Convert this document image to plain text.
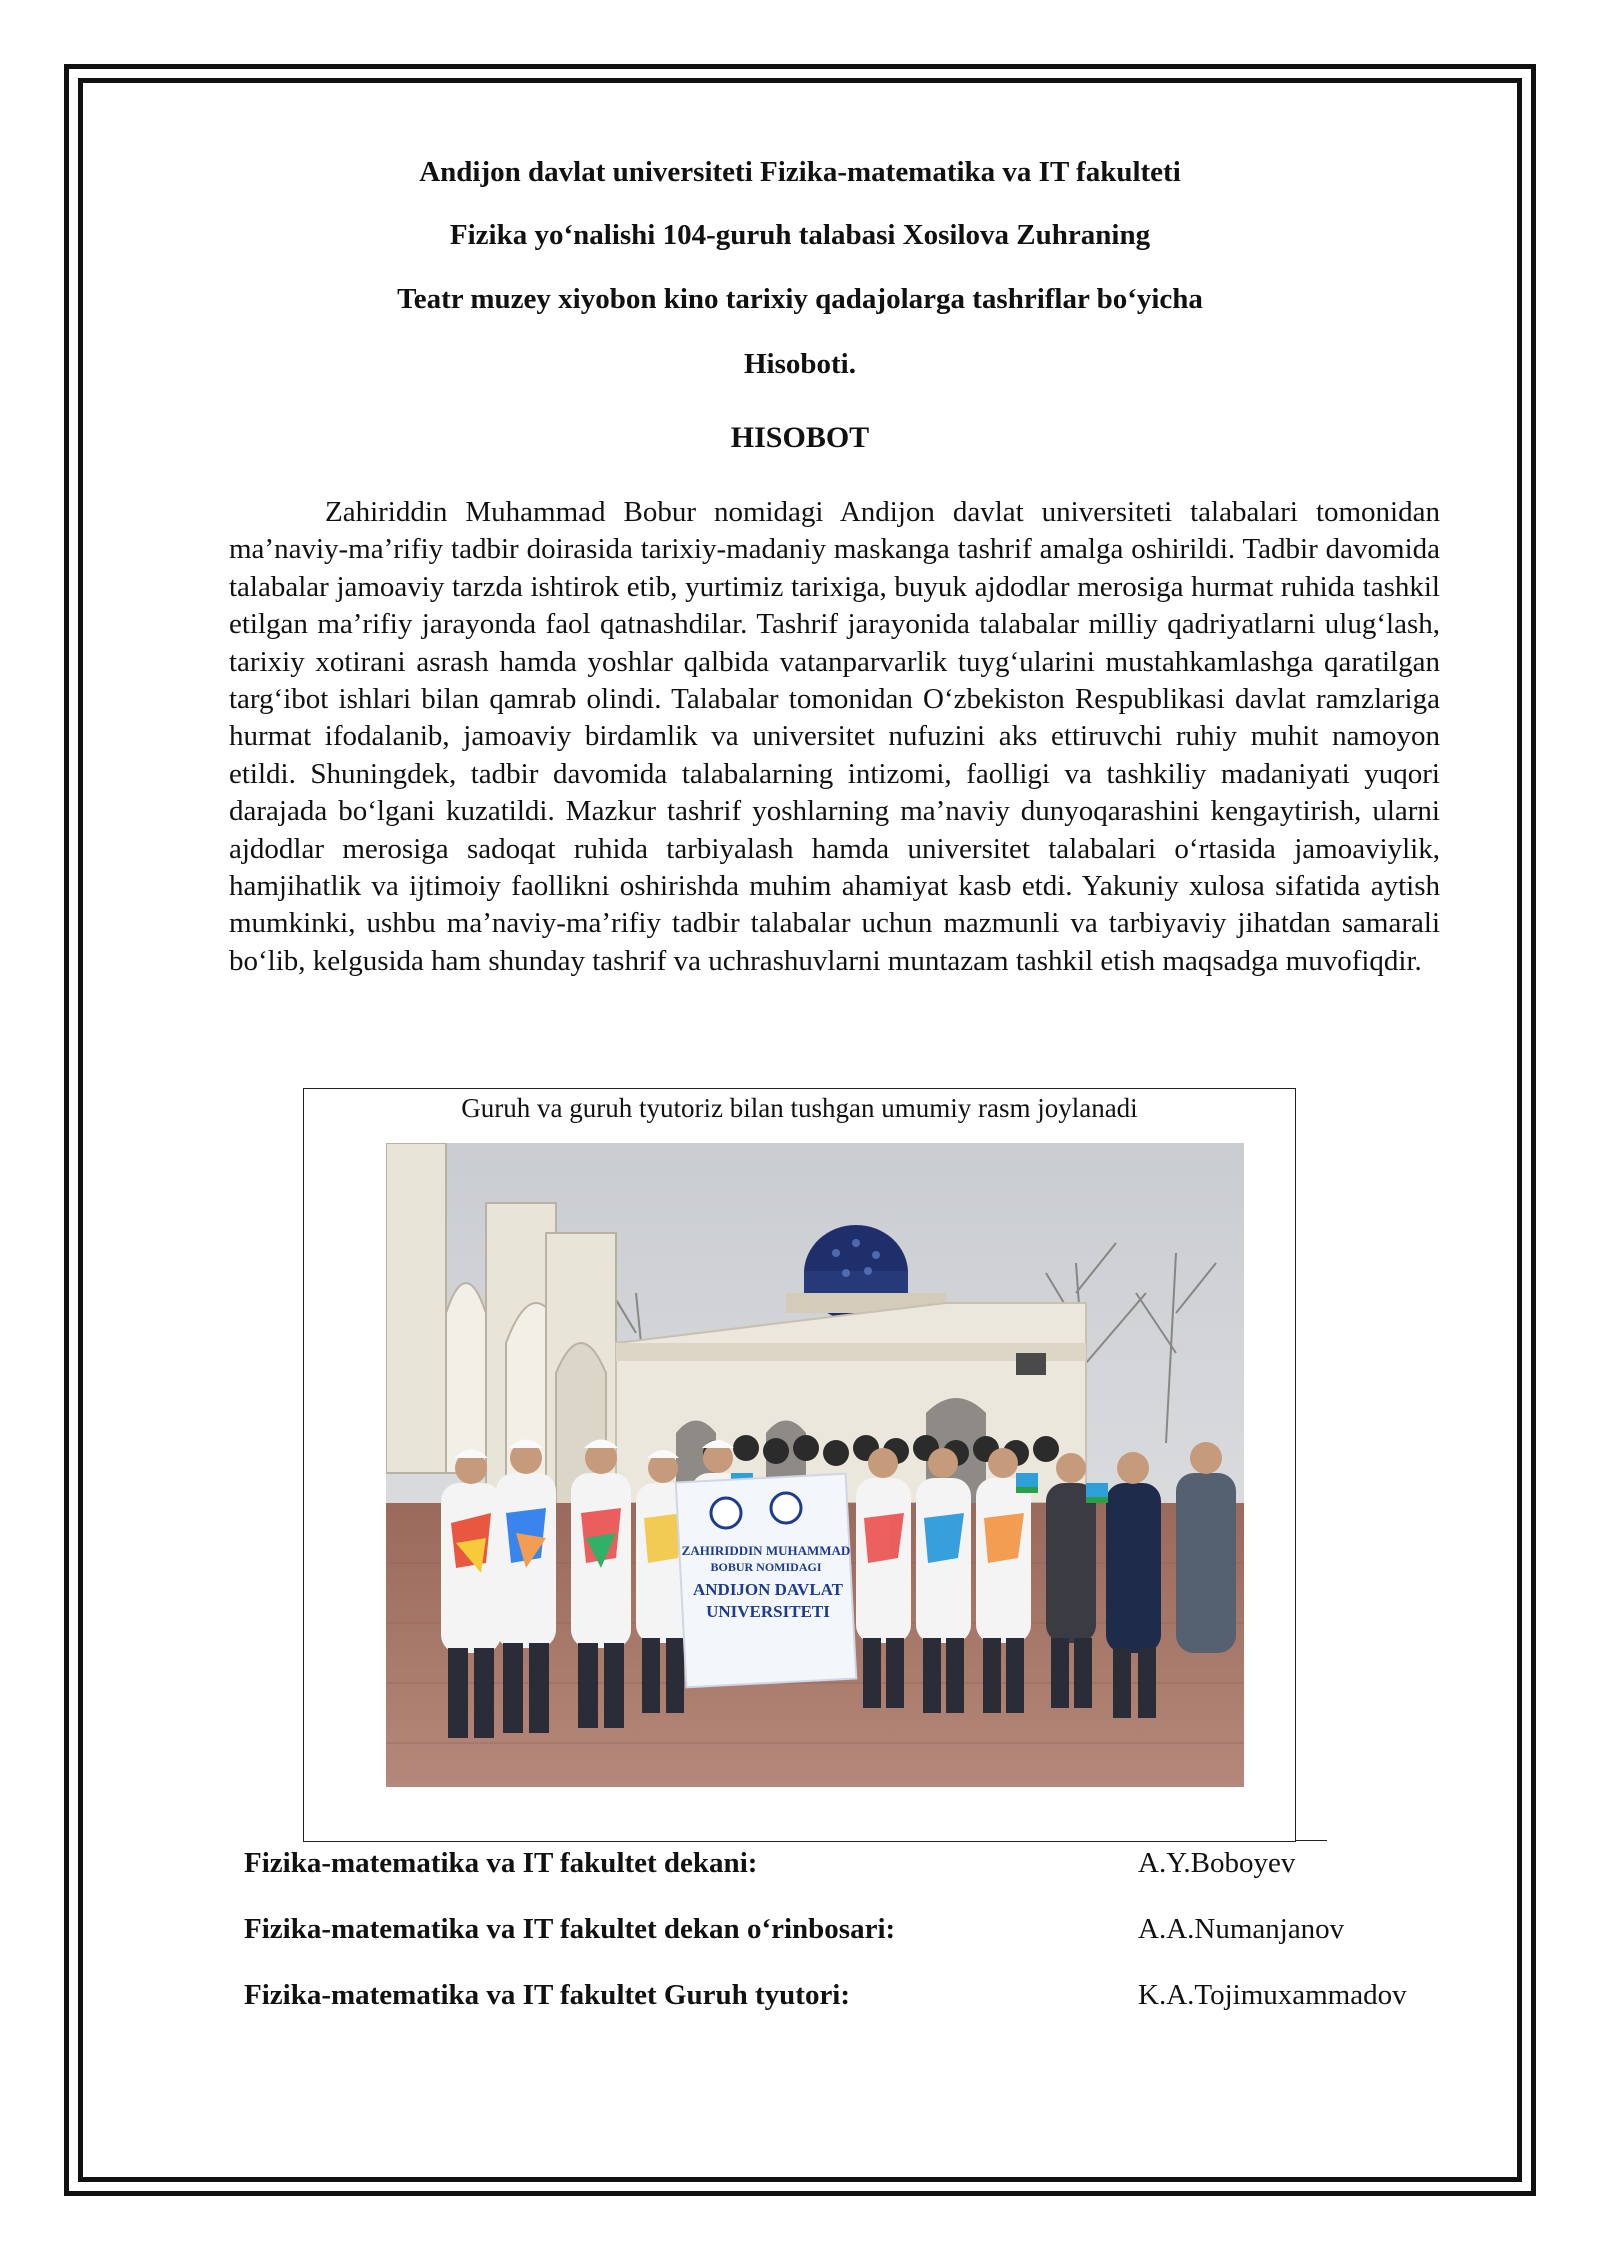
Andijon davlat universiteti Fizika-matematika va IT fakulteti
Fizika yo‘nalishi 104-guruh talabasi Xosilova Zuhraning
Teatr muzey xiyobon kino tarixiy qadajolarga tashriflar bo‘yicha
Hisoboti.
HISOBOT

Zahiriddin Muhammad Bobur nomidagi Andijon davlat universiteti talabalari tomonidan ma’naviy-ma’rifiy tadbir doirasida tarixiy-madaniy maskanga tashrif amalga oshirildi. Tadbir davomida talabalar jamoaviy tarzda ishtirok etib, yurtimiz tarixiga, buyuk ajdodlar merosiga hurmat ruhida tashkil etilgan ma’rifiy jarayonda faol qatnashdilar. Tashrif jarayonida talabalar milliy qadriyatlarni ulug‘lash, tarixiy xotirani asrash hamda yoshlar qalbida vatanparvarlik tuyg‘ularini mustahkamlashga qaratilgan targ‘ibot ishlari bilan qamrab olindi. Talabalar tomonidan O‘zbekiston Respublikasi davlat ramzlariga hurmat ifodalanib, jamoaviy birdamlik va universitet nufuzini aks ettiruvchi ruhiy muhit namoyon etildi. Shuningdek, tadbir davomida talabalarning intizomi, faolligi va tashkiliy madaniyati yuqori darajada bo‘lgani kuzatildi. Mazkur tashrif yoshlarning ma’naviy dunyoqarashini kengaytirish, ularni ajdodlar merosiga sadoqat ruhida tarbiyalash hamda universitet talabalari o‘rtasida jamoaviylik, hamjihatlik va ijtimoiy faollikni oshirishda muhim ahamiyat kasb etdi. Yakuniy xulosa sifatida aytish mumkinki, ushbu ma’naviy-ma’rifiy tadbir talabalar uchun mazmunli va tarbiyaviy jihatdan samarali bo‘lib, kelgusida ham shunday tashrif va uchrashuvlarni muntazam tashkil etish maqsadga muvofiqdir.

Guruh va guruh tyutoriz bilan tushgan umumiy rasm joylanadi
ZAHIRIDDIN MUHAMMAD
BOBUR NOMIDAGI
ANDIJON DAVLAT
UNIVERSITETI
Fizika-matematika va IT fakultet dekani:	A.Y.Boboyev
Fizika-matematika va IT fakultet dekan o‘rinbosari:	A.A.Numanjanov
Fizika-matematika va IT fakultet Guruh tyutori:	K.A.Tojimuxammadov
